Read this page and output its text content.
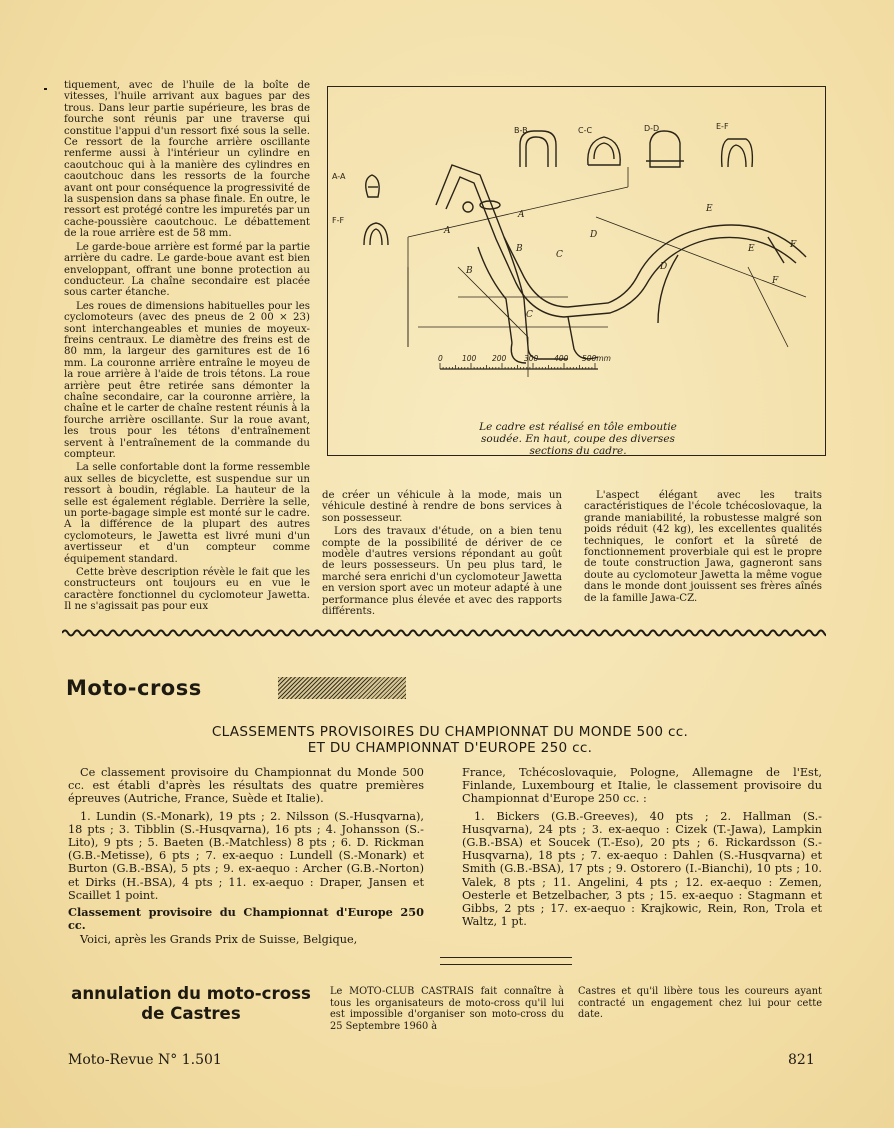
tiquement, avec de l'huile de la boîte de vitesses, l'huile arrivant aux bagues par des trous. Dans leur partie supérieure, les bras de fourche sont réunis par une traverse qui constitue l'appui d'un ressort fixé sous la selle. Ce ressort de la fourche arrière oscillante renferme aussi à l'intérieur un cylindre en caoutchouc qui à la manière des cylindres en caoutchouc dans les ressorts de la fourche avant ont pour conséquence la progressivité de la suspension dans sa phase finale. En outre, le ressort est protégé contre les impuretés par un cache-poussière caoutchouc. Le débattement de la roue arrière est de 58 mm.

Le garde-boue arrière est formé par la partie arrière du cadre. Le garde-boue avant est bien enveloppant, offrant une bonne protection au conducteur. La chaîne secondaire est placée sous carter étanche.

Les roues de dimensions habituelles pour les cyclomoteurs (avec des pneus de 2 00 × 23) sont interchangeables et munies de moyeux-freins centraux. Le diamètre des freins est de 80 mm, la largeur des garnitures est de 16 mm. La couronne arrière entraîne le moyeu de la roue arrière à l'aide de trois tétons. La roue arrière peut être retirée sans démonter la chaîne secondaire, car la couronne arrière, la chaîne et le carter de chaîne restent réunis à la fourche arrière oscillante. Sur la roue avant, les trous pour les tétons d'entraînement servent à l'entraînement de la commande du compteur.

La selle confortable dont la forme ressemble aux selles de bicyclette, est suspendue sur un ressort à boudin, réglable. La hauteur de la selle est également réglable. Derrière la selle, un porte-bagage simple est monté sur le cadre. A la différence de la plupart des autres cyclomoteurs, le Jawetta est livré muni d'un avertisseur et d'un compteur comme équipement standard.

Cette brève description révèle le fait que les constructeurs ont toujours eu en vue le caractère fonctionnel du cyclomoteur Jawetta. Il ne s'agissait pas pour eux

B-B	C-C	D-D	E-F
A-A
F-F
A
A
B
B
C
C
D
D
E
E
F
F
0	100 200 300 400 500mm
Le cadre est réalisé en tôle emboutie
soudée. En haut, coupe des diverses
sections du cadre.

de créer un véhicule à la mode, mais un véhicule destiné à rendre de bons services à son possesseur.

Lors des travaux d'étude, on a bien tenu compte de la possibilité de dériver de ce modèle d'autres versions répondant au goût de leurs possesseurs. Un peu plus tard, le marché sera enrichi d'un cyclomoteur Jawetta en version sport avec un moteur adapté à une performance plus élevée et avec des rapports différents.

L'aspect élégant avec les traits caractéristiques de l'école tchécoslovaque, la grande maniabilité, la robustesse malgré son poids réduit (42 kg), les excellentes qualités techniques, le confort et la sûreté de fonctionnement proverbiale qui est le propre de toute construction Jawa, gagneront sans doute au cyclomoteur Jawetta la même vogue dans le monde dont jouissent ses frères aînés de la famille Jawa-CZ.

Moto-cross
CLASSEMENTS PROVISOIRES DU CHAMPIONNAT DU MONDE 500 cc.
ET DU CHAMPIONNAT D'EUROPE 250 cc.

Ce classement provisoire du Championnat du Monde 500 cc. est établi d'après les résultats des quatre premières épreuves (Autriche, France, Suède et Italie).

1. Lundin (S.-Monark), 19 pts ; 2. Nilsson (S.-Husqvarna), 18 pts ; 3. Tibblin (S.-Husqvarna), 16 pts ; 4. Johansson (S.-Lito), 9 pts ; 5. Baeten (B.-Matchless) 8 pts ; 6. D. Rickman (G.B.-Metisse), 6 pts ; 7. ex-aequo : Lundell (S.-Monark) et Burton (G.B.-BSA), 5 pts ; 9. ex-aequo : Archer (G.B.-Norton) et Dirks (H.-BSA), 4 pts ; 11. ex-aequo : Draper, Jansen et Scaillet 1 point.

Classement provisoire du Championnat d'Europe 250 cc.

Voici, après les Grands Prix de Suisse, Belgique,

France, Tchécoslovaquie, Pologne, Allemagne de l'Est, Finlande, Luxembourg et Italie, le classement provisoire du Championnat d'Europe 250 cc. :

1. Bickers (G.B.-Greeves), 40 pts ; 2. Hallman (S.-Husqvarna), 24 pts ; 3. ex-aequo : Cizek (T.-Jawa), Lampkin (G.B.-BSA) et Soucek (T.-Eso), 20 pts ; 6. Rickardsson (S.-Husqvarna), 18 pts ; 7. ex-aequo : Dahlen (S.-Husqvarna) et Smith (G.B.-BSA), 17 pts ; 9. Ostorero (I.-Bianchi), 10 pts ; 10. Valek, 8 pts ; 11. Angelini, 4 pts ; 12. ex-aequo : Zemen, Oesterle et Betzelbacher, 3 pts ; 15. ex-aequo : Stagmann et Gibbs, 2 pts ; 17. ex-aequo : Krajkowic, Rein, Ron, Trola et Waltz, 1 pt.

annulation du moto-cross
de Castres
Le MOTO-CLUB CASTRAIS fait connaître à tous les organisateurs de moto-cross qu'il lui est impossible d'organiser son moto-cross du 25 Septembre 1960 à
Castres et qu'il libère tous les coureurs ayant contracté un engagement chez lui pour cette date.
Moto-Revue N° 1.501	821
